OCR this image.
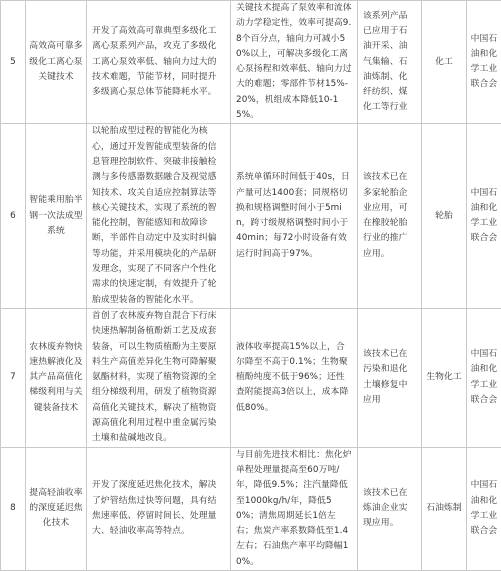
5	高效高可靠多级化工离心泵关键技术	开发了高效高可靠典型多级化工离心泵系列产品，攻克了多级化工离心泵效率低、轴向力过大的技术难题，节能节材，同时提升多级离心泵总体节能降耗水平。	关键技术提高了泵效率和流体动力学稳定性，效率可提高9.8个百分点，轴向力可减小50%以上，可解决多级化工离心泵扬程和效率低、轴向力过大的难题；零部件节材15%-20%，机组成本降低10-15%。	该系列产品已应用于石油开采、油气集输、石油炼制、化纤纺织、煤化工等行业	化工	中国石油和化学工业联合会
6	智能乘用胎半钢一次法成型系统	以轮胎成型过程的智能化为核心，通过开发智能成型装备的信息管理控制软件、突破非接触检测与多传感器数据融合及视觉感知技术、攻关自适应控制算法等核心关键技术，实现了系统的智能化控制，智能感知和故障诊断，半部件自动定中及实时纠偏等功能，并采用模块化的产品研发理念，实现了不同客户个性化需求的快速定制，有效提升了轮胎成型装备的智能化水平。	系统单循环时间低于40s，日产量可达1400套；同规格切换和规格调整时间小于5min，跨寸级规格调整时间小于40min；每72小时设备有效运行时间高于97%。	该技术已在多家轮胎企业应用，可在橡胶轮胎行业的推广应用。	轮胎	中国石油和化学工业联合会
7	农林废弃物快速热解液化及其产品高值化梯级利用与关键装备技术	首创了农林废弃物自混合下行床快速热解制备植酚新工艺及成套装备，可以生物质植酚为主要原料生产高值差异化生物可降解聚氨酯材料，实现了植物资源的全组分梯级利用，研发了植物资源高值化关键技术，解决了植物资源高值化利用过程中重金属污染土壤和盐碱地改良。	液体收率提高15%以上，合尔降至不高于0.1%；生物聚植酚纯度不低于96%；还性查附能提高3倍以上，成本降低80%。	该技术已在污染和退化土壤修复中应用	生物化工	中国石油和化学工业联合会
8	提高轻油收率的深度延迟焦化技术	开发了深度延迟焦化技术，解决了炉管结焦过快等问题，具有结焦速率低、停留时间长、处理量大、轻油收率高等特点。	与目前先进技术相比：焦化炉单程处理量提高至60万吨/年，降低9.5%；注汽量降低至1000kg/h/年，降低50%；清焦周期延长1倍左右；焦炭产率系数降低至1.4左右；石油焦产率平均降幅10%。	该技术已在炼油企业实现应用。	石油炼制	中国石油和化学工业联合会
